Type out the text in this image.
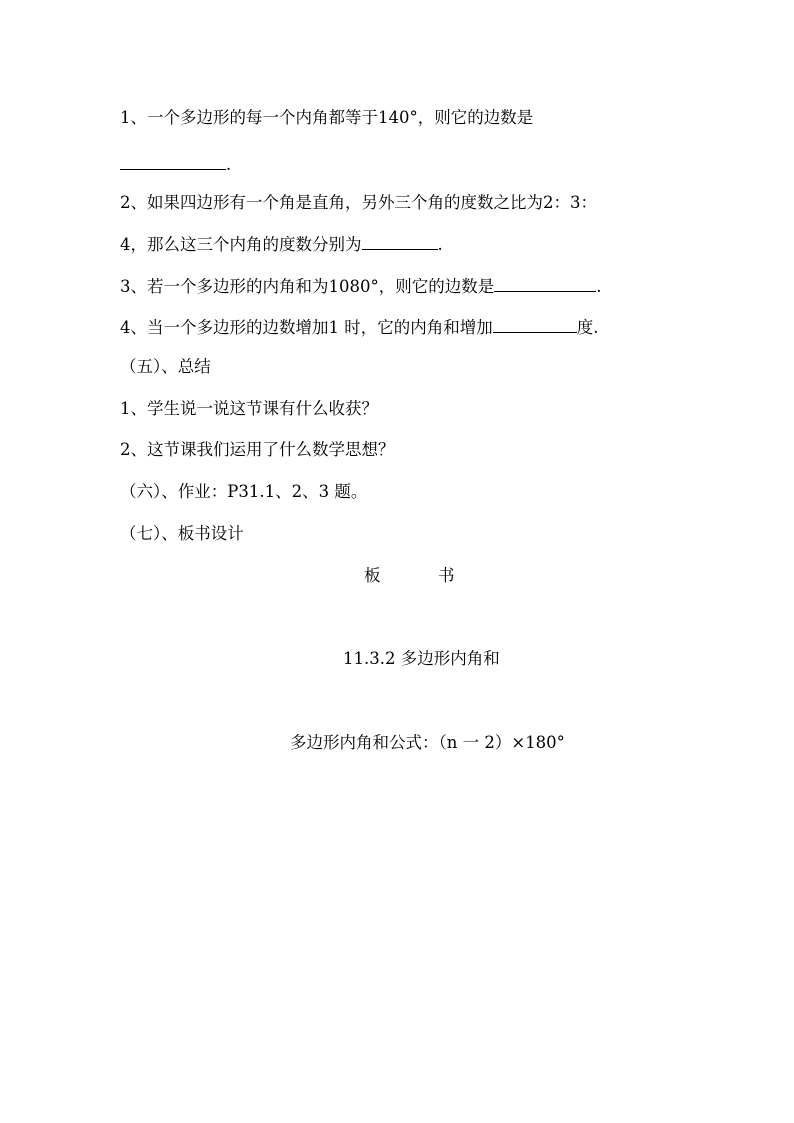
1、一个多边形的每一个内角都等于140°，则它的边数是
.
2、如果四边形有一个角是直角，另外三个角的度数之比为2：3：
4，那么这三个内角的度数分别为	.
3、若一个多边形的内角和为1080°，则它的边数是	.
4、当一个多边形的边数增加1 时，它的内角和增加	度.
（五）、总结
1、学生说一说这节课有什么收获？
2、这节课我们运用了什么数学思想？
（六）、作业：P31.1、2、3 题。
（七）、板书设计
板	书
11.3.2 多边形内角和
多边形内角和公式：（n 一 2）×180°
